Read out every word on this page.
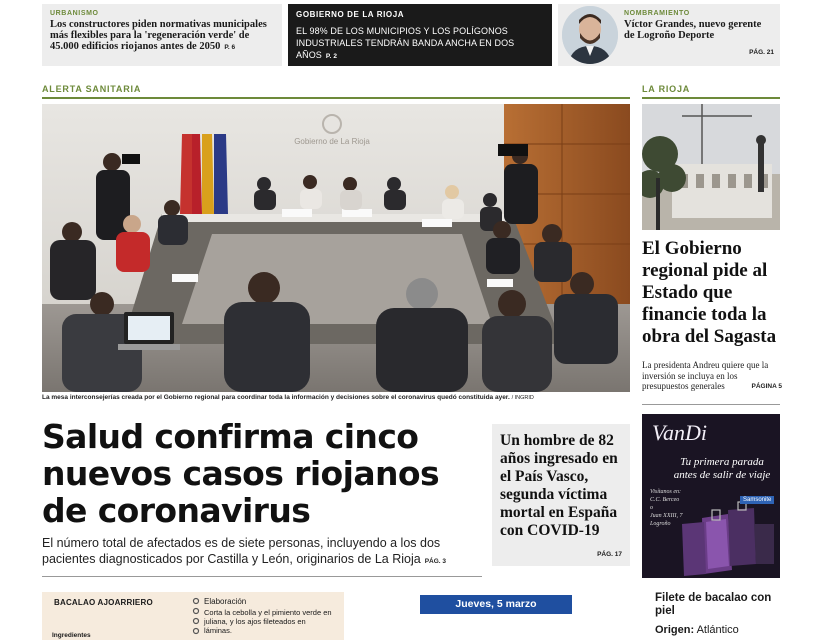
URBANISMO
Los constructores piden normativas municipales más flexibles para la 'regeneración verde' de 45.000 edificios riojanos antes de 2050 P. 6
GOBIERNO DE LA RIOJA
EL 98% DE LOS MUNICIPIOS Y LOS POLÍGONOS INDUSTRIALES TENDRÁN BANDA ANCHA EN DOS AÑOS P. 2
NOMBRAMIENTO
Víctor Grandes, nuevo gerente de Logroño Deporte
PÁG. 21
ALERTA SANITARIA	LA RIOJA
Gobierno de La Rioja
La mesa interconsejerías creada por el Gobierno regional para coordinar toda la información y decisiones sobre el coronavirus quedó constituida ayer. / INGRID
Salud confirma cinco nuevos casos riojanos de coronavirus
El número total de afectados es de siete personas, incluyendo a los dos pacientes diagnosticados por Castilla y León, originarios de La Rioja PÁG. 3
Un hombre de 82 años ingresado en el País Vasco, segunda víctima mortal en España con COVID-19
PÁG. 17
El Gobierno regional pide al Estado que financie toda la obra del Sagasta
La presidenta Andreu quiere que la inversión se incluya en los presupuestos generales	PÁGINA 5
VanDi
Tu primera parada antes de salir de viaje
Visítanos en:
C.C. Berceo
o
Juan XXIII, 7
Logroño
Samsonite
BACALAO AJOARRIERO
Ingredientes
Elaboración
Corta la cebolla y el pimiento verde en juliana, y los ajos fileteados en láminas.
Jueves, 5 marzo	Filete de bacalao con piel
Origen: Atlántico
